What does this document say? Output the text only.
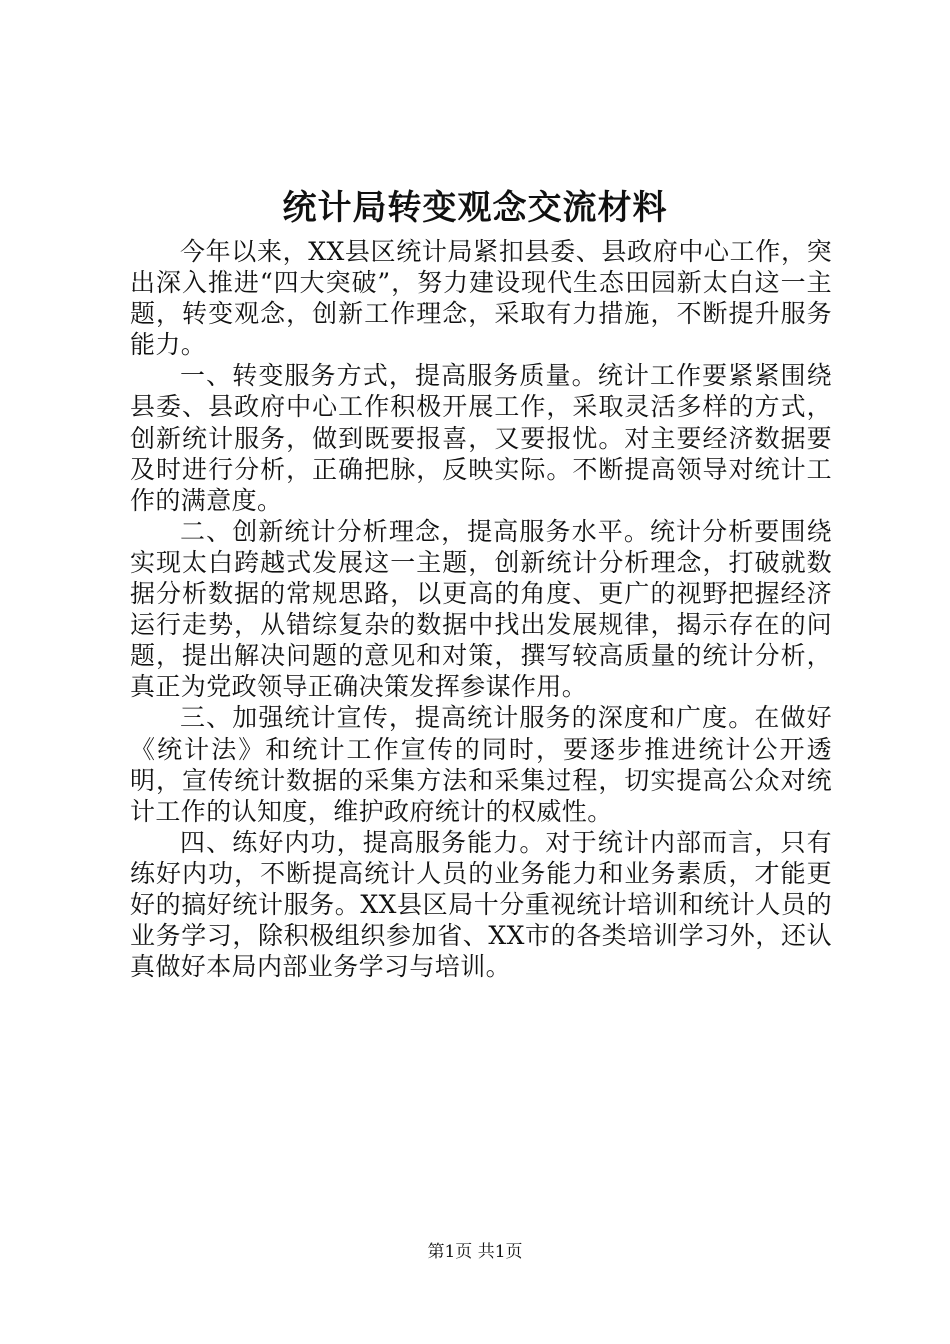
统计局转变观念交流材料

今年以来，XX县区统计局紧扣县委、县政府中心工作，突出深入推进“四大突破”，努力建设现代生态田园新太白这一主题，转变观念，创新工作理念，采取有力措施，不断提升服务能力。

一、转变服务方式，提高服务质量。统计工作要紧紧围绕县委、县政府中心工作积极开展工作，采取灵活多样的方式，创新统计服务，做到既要报喜，又要报忧。对主要经济数据要及时进行分析，正确把脉，反映实际。不断提高领导对统计工作的满意度。

二、创新统计分析理念，提高服务水平。统计分析要围绕实现太白跨越式发展这一主题，创新统计分析理念，打破就数据分析数据的常规思路，以更高的角度、更广的视野把握经济运行走势，从错综复杂的数据中找出发展规律，揭示存在的问题，提出解决问题的意见和对策，撰写较高质量的统计分析，真正为党政领导正确决策发挥参谋作用。

三、加强统计宣传，提高统计服务的深度和广度。在做好《统计法》和统计工作宣传的同时，要逐步推进统计公开透明，宣传统计数据的采集方法和采集过程，切实提高公众对统计工作的认知度，维护政府统计的权威性。

四、练好内功，提高服务能力。对于统计内部而言，只有练好内功，不断提高统计人员的业务能力和业务素质，才能更好的搞好统计服务。XX县区局十分重视统计培训和统计人员的业务学习，除积极组织参加省、XX市的各类培训学习外，还认真做好本局内部业务学习与培训。

第1页 共1页
